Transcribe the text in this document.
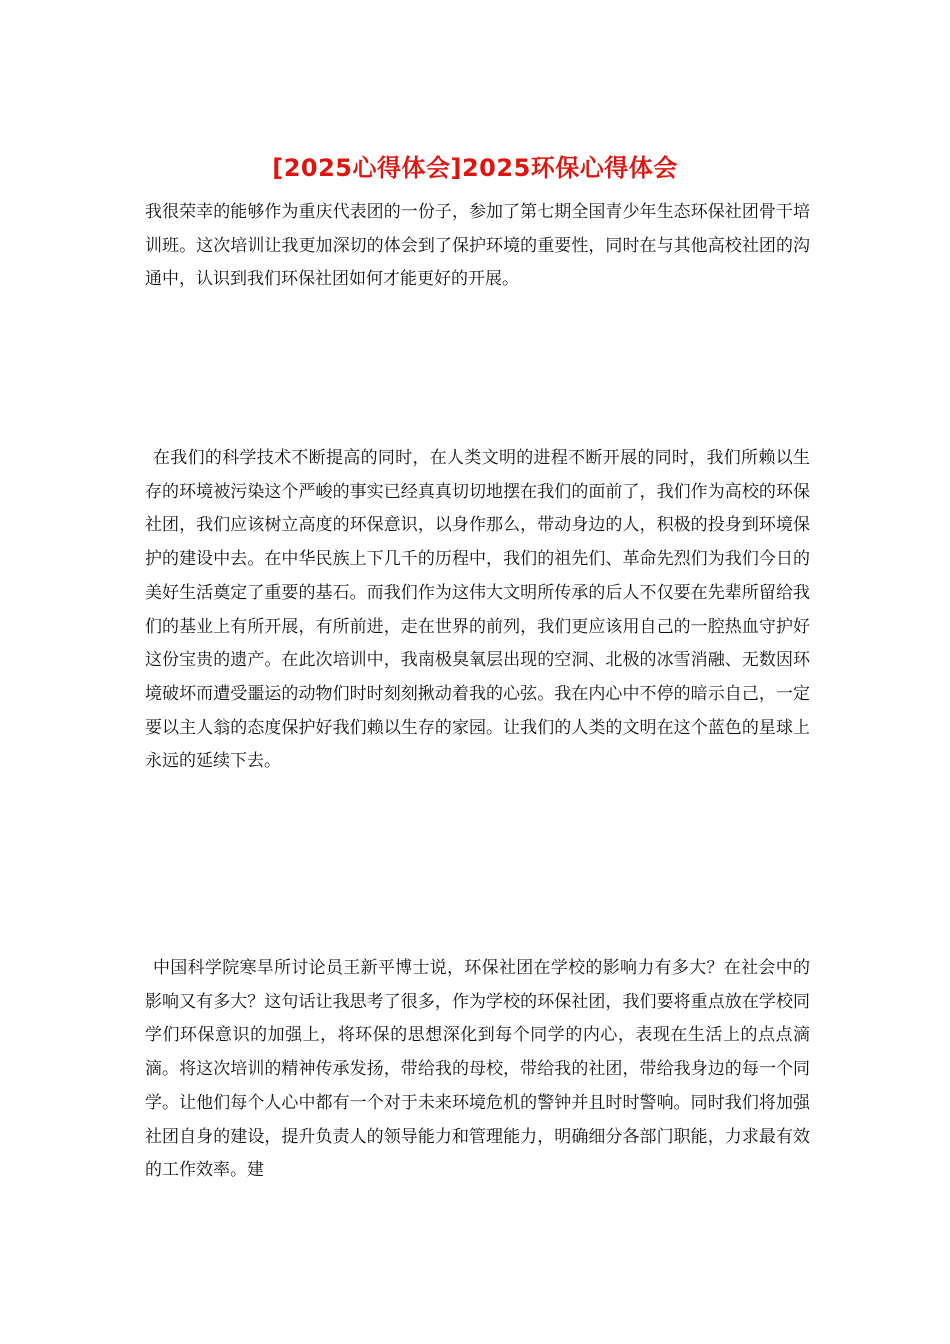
[2025心得体会]2025环保心得体会
我很荣幸的能够作为重庆代表团的一份子，参加了第七期全国青少年生态环保社团骨干培训班。这次培训让我更加深切的体会到了保护环境的重要性，同时在与其他高校社团的沟通中，认识到我们环保社团如何才能更好的开展。
在我们的科学技术不断提高的同时，在人类文明的进程不断开展的同时，我们所赖以生存的环境被污染这个严峻的事实已经真真切切地摆在我们的面前了，我们作为高校的环保社团，我们应该树立高度的环保意识，以身作那么，带动身边的人，积极的投身到环境保护的建设中去。在中华民族上下几千的历程中，我们的祖先们、革命先烈们为我们今日的美好生活奠定了重要的基石。而我们作为这伟大文明所传承的后人不仅要在先辈所留给我们的基业上有所开展，有所前进，走在世界的前列，我们更应该用自己的一腔热血守护好这份宝贵的遗产。在此次培训中，我南极臭氧层出现的空洞、北极的冰雪消融、无数因环境破坏而遭受噩运的动物们时时刻刻揪动着我的心弦。我在内心中不停的暗示自己，一定要以主人翁的态度保护好我们赖以生存的家园。让我们的人类的文明在这个蓝色的星球上永远的延续下去。
中国科学院寒旱所讨论员王新平博士说，环保社团在学校的影响力有多大？在社会中的影响又有多大？这句话让我思考了很多，作为学校的环保社团，我们要将重点放在学校同学们环保意识的加强上，将环保的思想深化到每个同学的内心，表现在生活上的点点滴滴。将这次培训的精神传承发扬，带给我的母校，带给我的社团，带给我身边的每一个同学。让他们每个人心中都有一个对于未来环境危机的警钟并且时时警响。同时我们将加强社团自身的建设，提升负责人的领导能力和管理能力，明确细分各部门职能，力求最有效的工作效率。建
